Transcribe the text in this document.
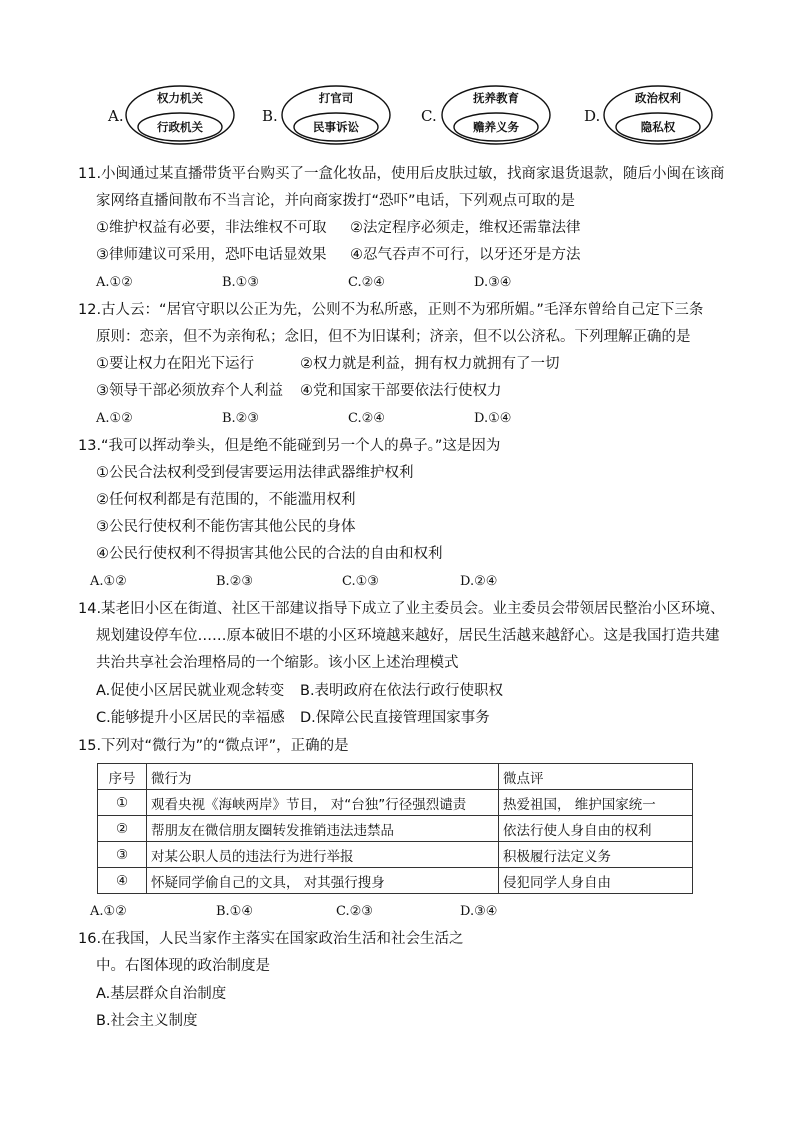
A.
权力机关
行政机关
B.
打官司
民事诉讼
C.
抚养教育
赡养义务
D.
政治权利
隐私权
11.小闽通过某直播带货平台购买了一盒化妆品，使用后皮肤过敏，找商家退货退款，随后小闽在该商
家网络直播间散布不当言论，并向商家拨打“恐吓”电话，下列观点可取的是
①维护权益有必要，非法维权不可取 ②法定程序必须走，维权还需靠法律
③律师建议可采用，恐吓电话显效果 ④忍气吞声不可行，以牙还牙是方法
A.①②	B.①③	C.②④	D.③④
12.古人云：“居官守职以公正为先，公则不为私所惑，正则不为邪所媚。”毛泽东曾给自己定下三条
原则：恋亲，但不为亲徇私；念旧，但不为旧谋利；济亲，但不以公济私。下列理解正确的是
①要让权力在阳光下运行	②权力就是利益，拥有权力就拥有了一切
③领导干部必须放弃个人利益 ④党和国家干部要依法行使权力
A.①②	B.②③	C.②④	D.①④
13.“我可以挥动拳头，但是绝不能碰到另一个人的鼻子。”这是因为
①公民合法权利受到侵害要运用法律武器维护权利
②任何权利都是有范围的，不能滥用权利
③公民行使权利不能伤害其他公民的身体
④公民行使权利不得损害其他公民的合法的自由和权利
A.①②	B.②③	C.①③	D.②④
14.某老旧小区在街道、社区干部建议指导下成立了业主委员会。业主委员会带领居民整治小区环境、
规划建设停车位……原本破旧不堪的小区环境越来越好，居民生活越来越舒心。这是我国打造共建
共治共享社会治理格局的一个缩影。该小区上述治理模式
A.促使小区居民就业观念转变 B.表明政府在依法行政行使职权
C.能够提升小区居民的幸福感 D.保障公民直接管理国家事务
15.下列对“微行为”的“微点评”，正确的是
序号	微行为	微点评
①	观看央视《海峡两岸》节目， 对“台独”行径强烈谴责	热爱祖国， 维护国家统一
②	帮朋友在微信朋友圈转发推销违法违禁品	依法行使人身自由的权利
③	对某公职人员的违法行为进行举报	积极履行法定义务
④	怀疑同学偷自己的文具， 对其强行搜身	侵犯同学人身自由
A.①②	B.①④	C.②③	D.③④
16.在我国，人民当家作主落实在国家政治生活和社会生活之
中。右图体现的政治制度是
A.基层群众自治制度
B.社会主义制度
